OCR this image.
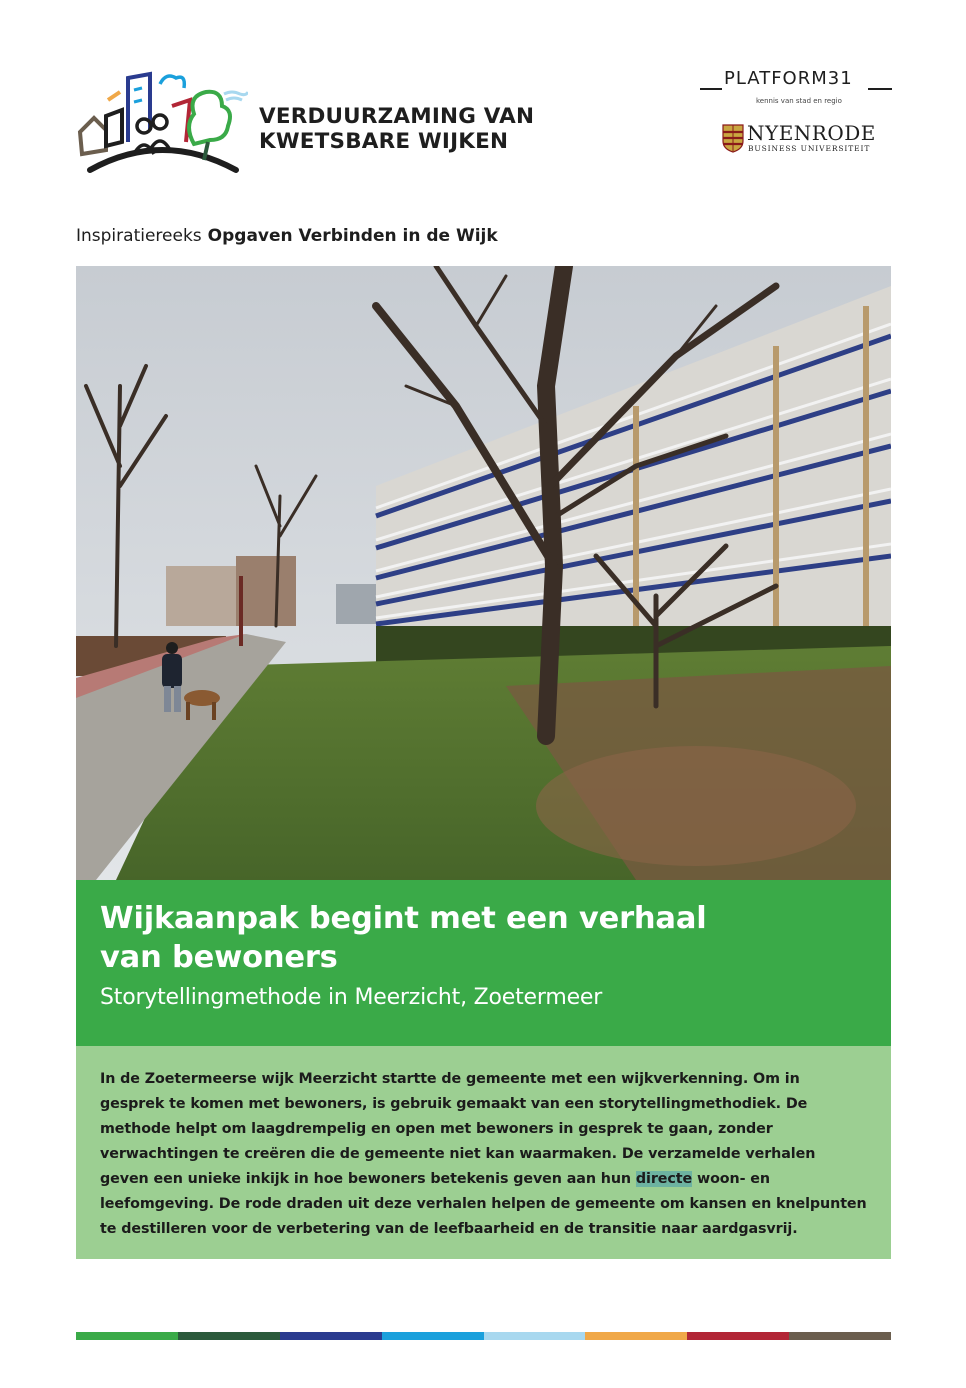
VERDUURZAMING VAN
KWETSBARE WIJKEN
PLATFORM31
kennis van stad en regio
NYENRODE
BUSINESS UNIVERSITEIT
Inspiratiereeks Opgaven Verbinden in de Wijk
Wijkaanpak begint met een verhaal
van bewoners
Storytellingmethode in Meerzicht, Zoetermeer

In de Zoetermeerse wijk Meerzicht startte de gemeente met een wijkverkenning. Om in gesprek te komen met bewoners, is gebruik gemaakt van een storytellingmethodiek. De methode helpt om laagdrempelig en open met bewoners in gesprek te gaan, zonder verwachtingen te creëren die de gemeente niet kan waarmaken. De verzamelde verhalen geven een unieke inkijk in hoe bewoners betekenis geven aan hun directe woon- en leefomgeving. De rode draden uit deze verhalen helpen de gemeente om kansen en knelpunten te destilleren voor de verbetering van de leefbaarheid en de transitie naar aardgasvrij.
